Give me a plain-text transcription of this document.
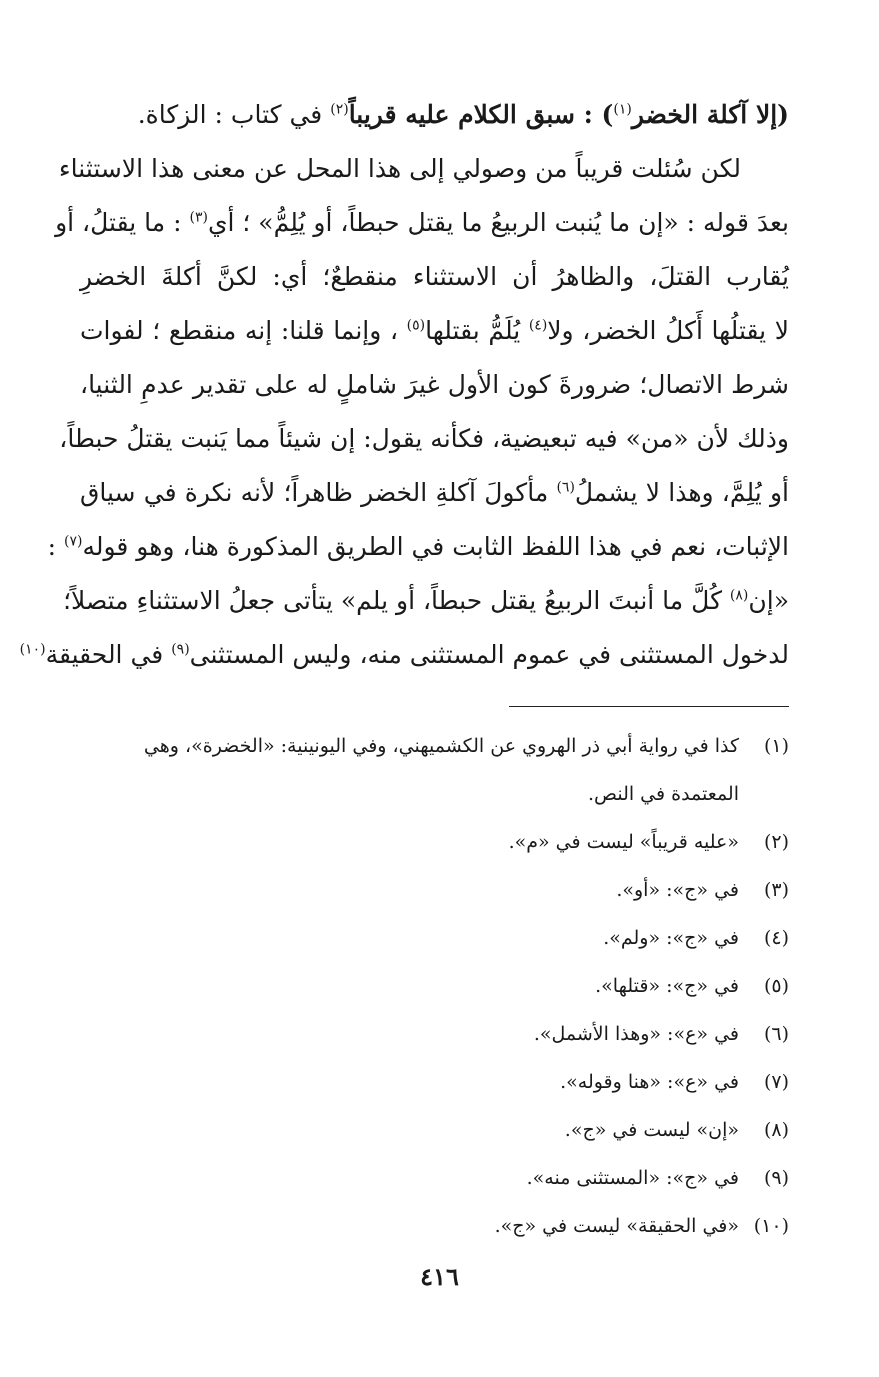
(إلا آكلة الخضر$^{(١)}$) : سبق الكلام عليه قريباً$^{(٢)}$ في كتاب : الزكاة.
لكن سُئلت قريباً من وصولي إلى هذا المحل عن معنى هذا الاستثناء
بعدَ قوله : «إن ما يُنبت الربيعُ ما يقتل حبطاً، أو يُلِمُّ» ؛ أي$^{(٣)}$ : ما يقتلُ، أو
يُقارب القتلَ، والظاهرُ أن الاستثناء منقطعٌ؛ أي: لكنَّ أكلةَ الخضرِ
لا يقتلُها أَكلُ الخضر، ولا$^{(٤)}$ يُلَمُّ بقتلها$^{(٥)}$ ، وإنما قلنا: إنه منقطع ؛ لفوات
شرط الاتصال؛ ضرورةَ كون الأول غيرَ شاملٍ له على تقدير عدمِ الثنيا،
وذلك لأن «من» فيه تبعيضية، فكأنه يقول: إن شيئاً مما يَنبت يقتلُ حبطاً،
أو يُلِمَّ، وهذا لا يشملُ$^{(٦)}$ مأكولَ آكلةِ الخضر ظاهراً؛ لأنه نكرة في سياق
الإثبات، نعم في هذا اللفظ الثابت في الطريق المذكورة هنا، وهو قوله$^{(٧)}$ :
«إن$^{(٨)}$ كُلَّ ما أنبتَ الربيعُ يقتل حبطاً، أو يلم» يتأتى جعلُ الاستثناءِ متصلاً؛
لدخول المستثنى في عموم المستثنى منه، وليس المستثنى$^{(٩)}$ في الحقيقة$^{(١٠)}$
(١)
كذا في رواية أبي ذر الهروي عن الكشميهني، وفي اليونينية: «الخضرة»، وهي
المعتمدة في النص.
(٢)
«عليه قريباً» ليست في «م».
(٣)
في «ج»: «أو».
(٤)
في «ج»: «ولم».
(٥)
في «ج»: «قتلها».
(٦)
في «ع»: «وهذا الأشمل».
(٧)
في «ع»: «هنا وقوله».
(٨)
«إن» ليست في «ج».
(٩)
في «ج»: «المستثنى منه».
(١٠)
«في الحقيقة» ليست في «ج».
٤١٦
